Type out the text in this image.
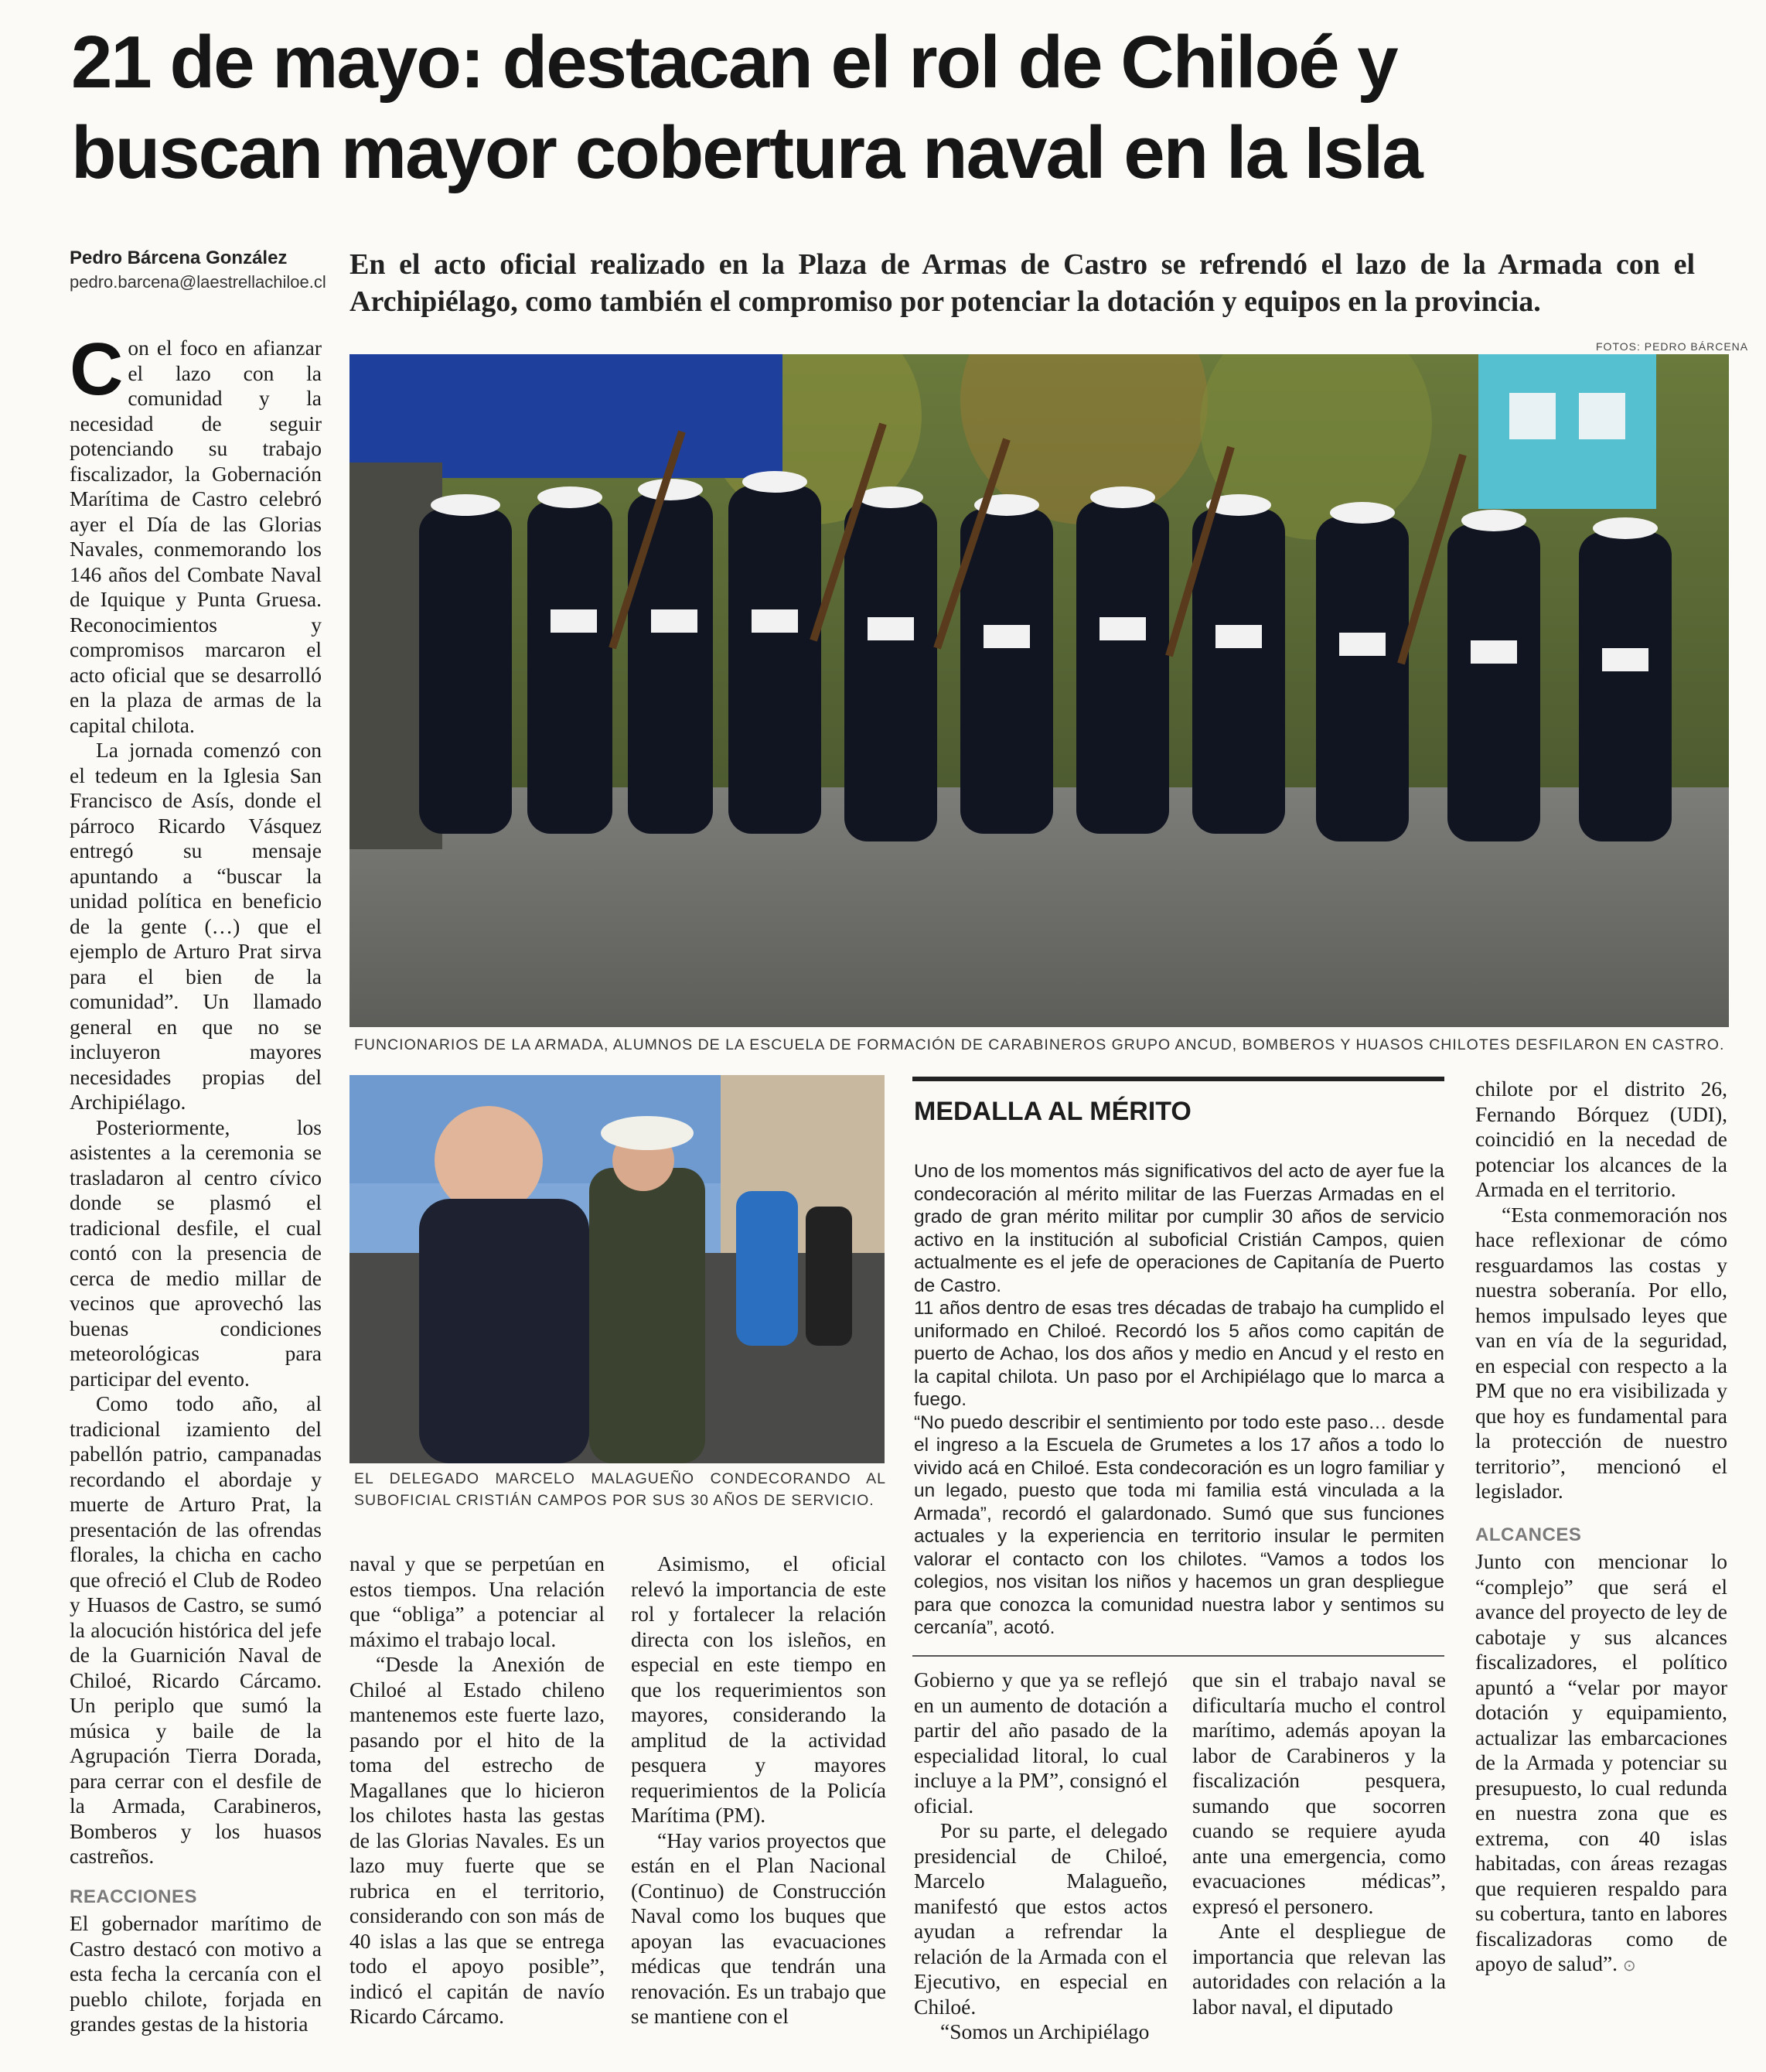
21 de mayo: destacan el rol de Chiloé y
buscan mayor cobertura naval en la Isla
Pedro Bárcena González
pedro.barcena@laestrellachiloe.cl

En el acto oficial realizado en la Plaza de Armas de Castro se refrendó el lazo de la Armada con el Archipiélago, como también el compromiso por potenciar la dotación y equipos en la provincia.

FOTOS: PEDRO BÁRCENA
FUNCIONARIOS DE LA ARMADA, ALUMNOS DE LA ESCUELA DE FORMACIÓN DE CARABINEROS GRUPO ANCUD, BOMBEROS Y HUASOS CHILOTES DESFILARON EN CASTRO.
EL DELEGADO MARCELO MALAGUEÑO CONDECORANDO AL SUBOFICIAL CRISTIÁN CAMPOS POR SUS 30 AÑOS DE SERVICIO.

Con el foco en afianzar el lazo con la comunidad y la necesidad de seguir potenciando su trabajo fiscalizador, la Gobernación Marítima de Castro celebró ayer el Día de las Glorias Navales, conmemorando los 146 años del Combate Naval de Iquique y Punta Gruesa. Reconocimientos y compromisos marcaron el acto oficial que se desarrolló en la plaza de armas de la capital chilota.

La jornada comenzó con el tedeum en la Iglesia San Francisco de Asís, donde el párroco Ricardo Vásquez entregó su mensaje apuntando a “buscar la unidad política en beneficio de la gente (…) que el ejemplo de Arturo Prat sirva para el bien de la comunidad”. Un llamado general en que no se incluyeron mayores necesidades propias del Archipiélago.

Posteriormente, los asistentes a la ceremonia se trasladaron al centro cívico donde se plasmó el tradicional desfile, el cual contó con la presencia de cerca de medio millar de vecinos que aprovechó las buenas condiciones meteorológicas para participar del evento.

Como todo año, al tradicional izamiento del pabellón patrio, campanadas recordando el abordaje y muerte de Arturo Prat, la presentación de las ofrendas florales, la chicha en cacho que ofreció el Club de Rodeo y Huasos de Castro, se sumó la alocución histórica del jefe de la Guarnición Naval de Chiloé, Ricardo Cárcamo. Un periplo que sumó la música y baile de la Agrupación Tierra Dorada, para cerrar con el desfile de la Armada, Carabineros, Bomberos y los huasos castreños.

REACCIONES

El gobernador marítimo de Castro destacó con motivo a esta fecha la cercanía con el pueblo chilote, forjada en grandes gestas de la historia

naval y que se perpetúan en estos tiempos. Una relación que “obliga” a potenciar al máximo el trabajo local.

“Desde la Anexión de Chiloé al Estado chileno mantenemos este fuerte lazo, pasando por el hito de la toma del estrecho de Magallanes que lo hicieron los chilotes hasta las gestas de las Glorias Navales. Es un lazo muy fuerte que se rubrica en el territorio, considerando con son más de 40 islas a las que se entrega todo el apoyo posible”, indicó el capitán de navío Ricardo Cárcamo.

Asimismo, el oficial relevó la importancia de este rol y fortalecer la relación directa con los isleños, en especial en este tiempo en que los requerimientos son mayores, considerando la amplitud de la actividad pesquera y mayores requerimientos de la Policía Marítima (PM).

“Hay varios proyectos que están en el Plan Nacional (Continuo) de Construcción Naval como los buques que apoyan las evacuaciones médicas que tendrán una renovación. Es un trabajo que se mantiene con el

MEDALLA AL MÉRITO

Uno de los momentos más significativos del acto de ayer fue la condecoración al mérito militar de las Fuerzas Armadas en el grado de gran mérito militar por cumplir 30 años de servicio activo en la institución al suboficial Cristián Campos, quien actualmente es el jefe de operaciones de Capitanía de Puerto de Castro.

11 años dentro de esas tres décadas de trabajo ha cumplido el uniformado en Chiloé. Recordó los 5 años como capitán de puerto de Achao, los dos años y medio en Ancud y el resto en la capital chilota. Un paso por el Archipiélago que lo marca a fuego.

“No puedo describir el sentimiento por todo este paso… desde el ingreso a la Escuela de Grumetes a los 17 años a todo lo vivido acá en Chiloé. Esta condecoración es un logro familiar y un legado, puesto que toda mi familia está vinculada a la Armada”, recordó el galardonado. Sumó que sus funciones actuales y la experiencia en territorio insular le permiten valorar el contacto con los chilotes. “Vamos a todos los colegios, nos visitan los niños y hacemos un gran despliegue para que conozca la comunidad nuestra labor y sentimos su cercanía”, acotó.

Gobierno y que ya se reflejó en un aumento de dotación a partir del año pasado de la especialidad litoral, lo cual incluye a la PM”, consignó el oficial.

Por su parte, el delegado presidencial de Chiloé, Marcelo Malagueño, manifestó que estos actos ayudan a refrendar la relación de la Armada con el Ejecutivo, en especial en Chiloé.

“Somos un Archipiélago

que sin el trabajo naval se dificultaría mucho el control marítimo, además apoyan la labor de Carabineros y la fiscalización pesquera, sumando que socorren cuando se requiere ayuda ante una emergencia, como evacuaciones médicas”, expresó el personero.

Ante el despliegue de importancia que relevan las autoridades con relación a la labor naval, el diputado

chilote por el distrito 26, Fernando Bórquez (UDI), coincidió en la necedad de potenciar los alcances de la Armada en el territorio.

“Esta conmemoración nos hace reflexionar de cómo resguardamos las costas y nuestra soberanía. Por ello, hemos impulsado leyes que van en vía de la seguridad, en especial con respecto a la PM que no era visibilizada y que hoy es fundamental para la protección de nuestro territorio”, mencionó el legislador.

ALCANCES

Junto con mencionar lo “complejo” que será el avance del proyecto de ley de cabotaje y sus alcances fiscalizadores, el político apuntó a “velar por mayor dotación y equipamiento, actualizar las embarcaciones de la Armada y potenciar su presupuesto, lo cual redunda en nuestra zona que es extrema, con 40 islas habitadas, con áreas rezagas que requieren respaldo para su cobertura, tanto en labores fiscalizadoras como de apoyo de salud”. ⊙
